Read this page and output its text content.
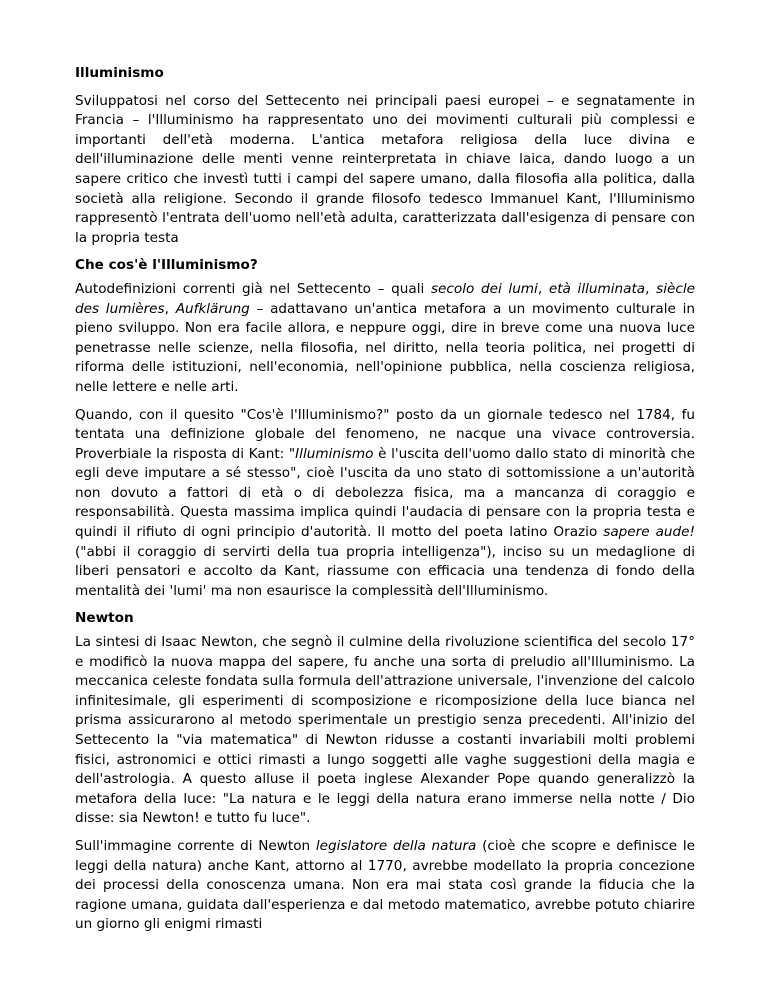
Illuminismo

Sviluppatosi nel corso del Settecento nei principali paesi europei – e segnatamente in Francia – l'Illuminismo ha rappresentato uno dei movimenti culturali più complessi e importanti dell'età moderna. L'antica metafora religiosa della luce divina e dell'illuminazione delle menti venne reinterpretata in chiave laica, dando luogo a un sapere critico che investì tutti i campi del sapere umano, dalla filosofia alla politica, dalla società alla religione. Secondo il grande filosofo tedesco Immanuel Kant, l'Illuminismo rappresentò l'entrata dell'uomo nell'età adulta, caratterizzata dall'esigenza di pensare con la propria testa

Che cos'è l'Illuminismo?

Autodefinizioni correnti già nel Settecento – quali secolo dei lumi, età illuminata, siècle des lumières, Aufklärung – adattavano un'antica metafora a un movimento culturale in pieno sviluppo. Non era facile allora, e neppure oggi, dire in breve come una nuova luce penetrasse nelle scienze, nella filosofia, nel diritto, nella teoria politica, nei progetti di riforma delle istituzioni, nell'economia, nell'opinione pubblica, nella coscienza religiosa, nelle lettere e nelle arti.

Quando, con il quesito "Cos'è l'Illuminismo?" posto da un giornale tedesco nel 1784, fu tentata una definizione globale del fenomeno, ne nacque una vivace controversia. Proverbiale la risposta di Kant: "Illuminismo è l'uscita dell'uomo dallo stato di minorità che egli deve imputare a sé stesso", cioè l'uscita da uno stato di sottomissione a un'autorità non dovuto a fattori di età o di debolezza fisica, ma a mancanza di coraggio e responsabilità. Questa massima implica quindi l'audacia di pensare con la propria testa e quindi il rifiuto di ogni principio d'autorità. Il motto del poeta latino Orazio sapere aude! ("abbi il coraggio di servirti della tua propria intelligenza"), inciso su un medaglione di liberi pensatori e accolto da Kant, riassume con efficacia una tendenza di fondo della mentalità dei 'lumi' ma non esaurisce la complessità dell'Illuminismo.

Newton

La sintesi di Isaac Newton, che segnò il culmine della rivoluzione scientifica del secolo 17° e modificò la nuova mappa del sapere, fu anche una sorta di preludio all'Illuminismo. La meccanica celeste fondata sulla formula dell'attrazione universale, l'invenzione del calcolo infinitesimale, gli esperimenti di scomposizione e ricomposizione della luce bianca nel prisma assicurarono al metodo sperimentale un prestigio senza precedenti. All'inizio del Settecento la "via matematica" di Newton ridusse a costanti invariabili molti problemi fisici, astronomici e ottici rimasti a lungo soggetti alle vaghe suggestioni della magia e dell'astrologia. A questo alluse il poeta inglese Alexander Pope quando generalizzò la metafora della luce: "La natura e le leggi della natura erano immerse nella notte / Dio disse: sia Newton! e tutto fu luce".

Sull'immagine corrente di Newton legislatore della natura (cioè che scopre e definisce le leggi della natura) anche Kant, attorno al 1770, avrebbe modellato la propria concezione dei processi della conoscenza umana. Non era mai stata così grande la fiducia che la ragione umana, guidata dall'esperienza e dal metodo matematico, avrebbe potuto chiarire un giorno gli enigmi rimasti
